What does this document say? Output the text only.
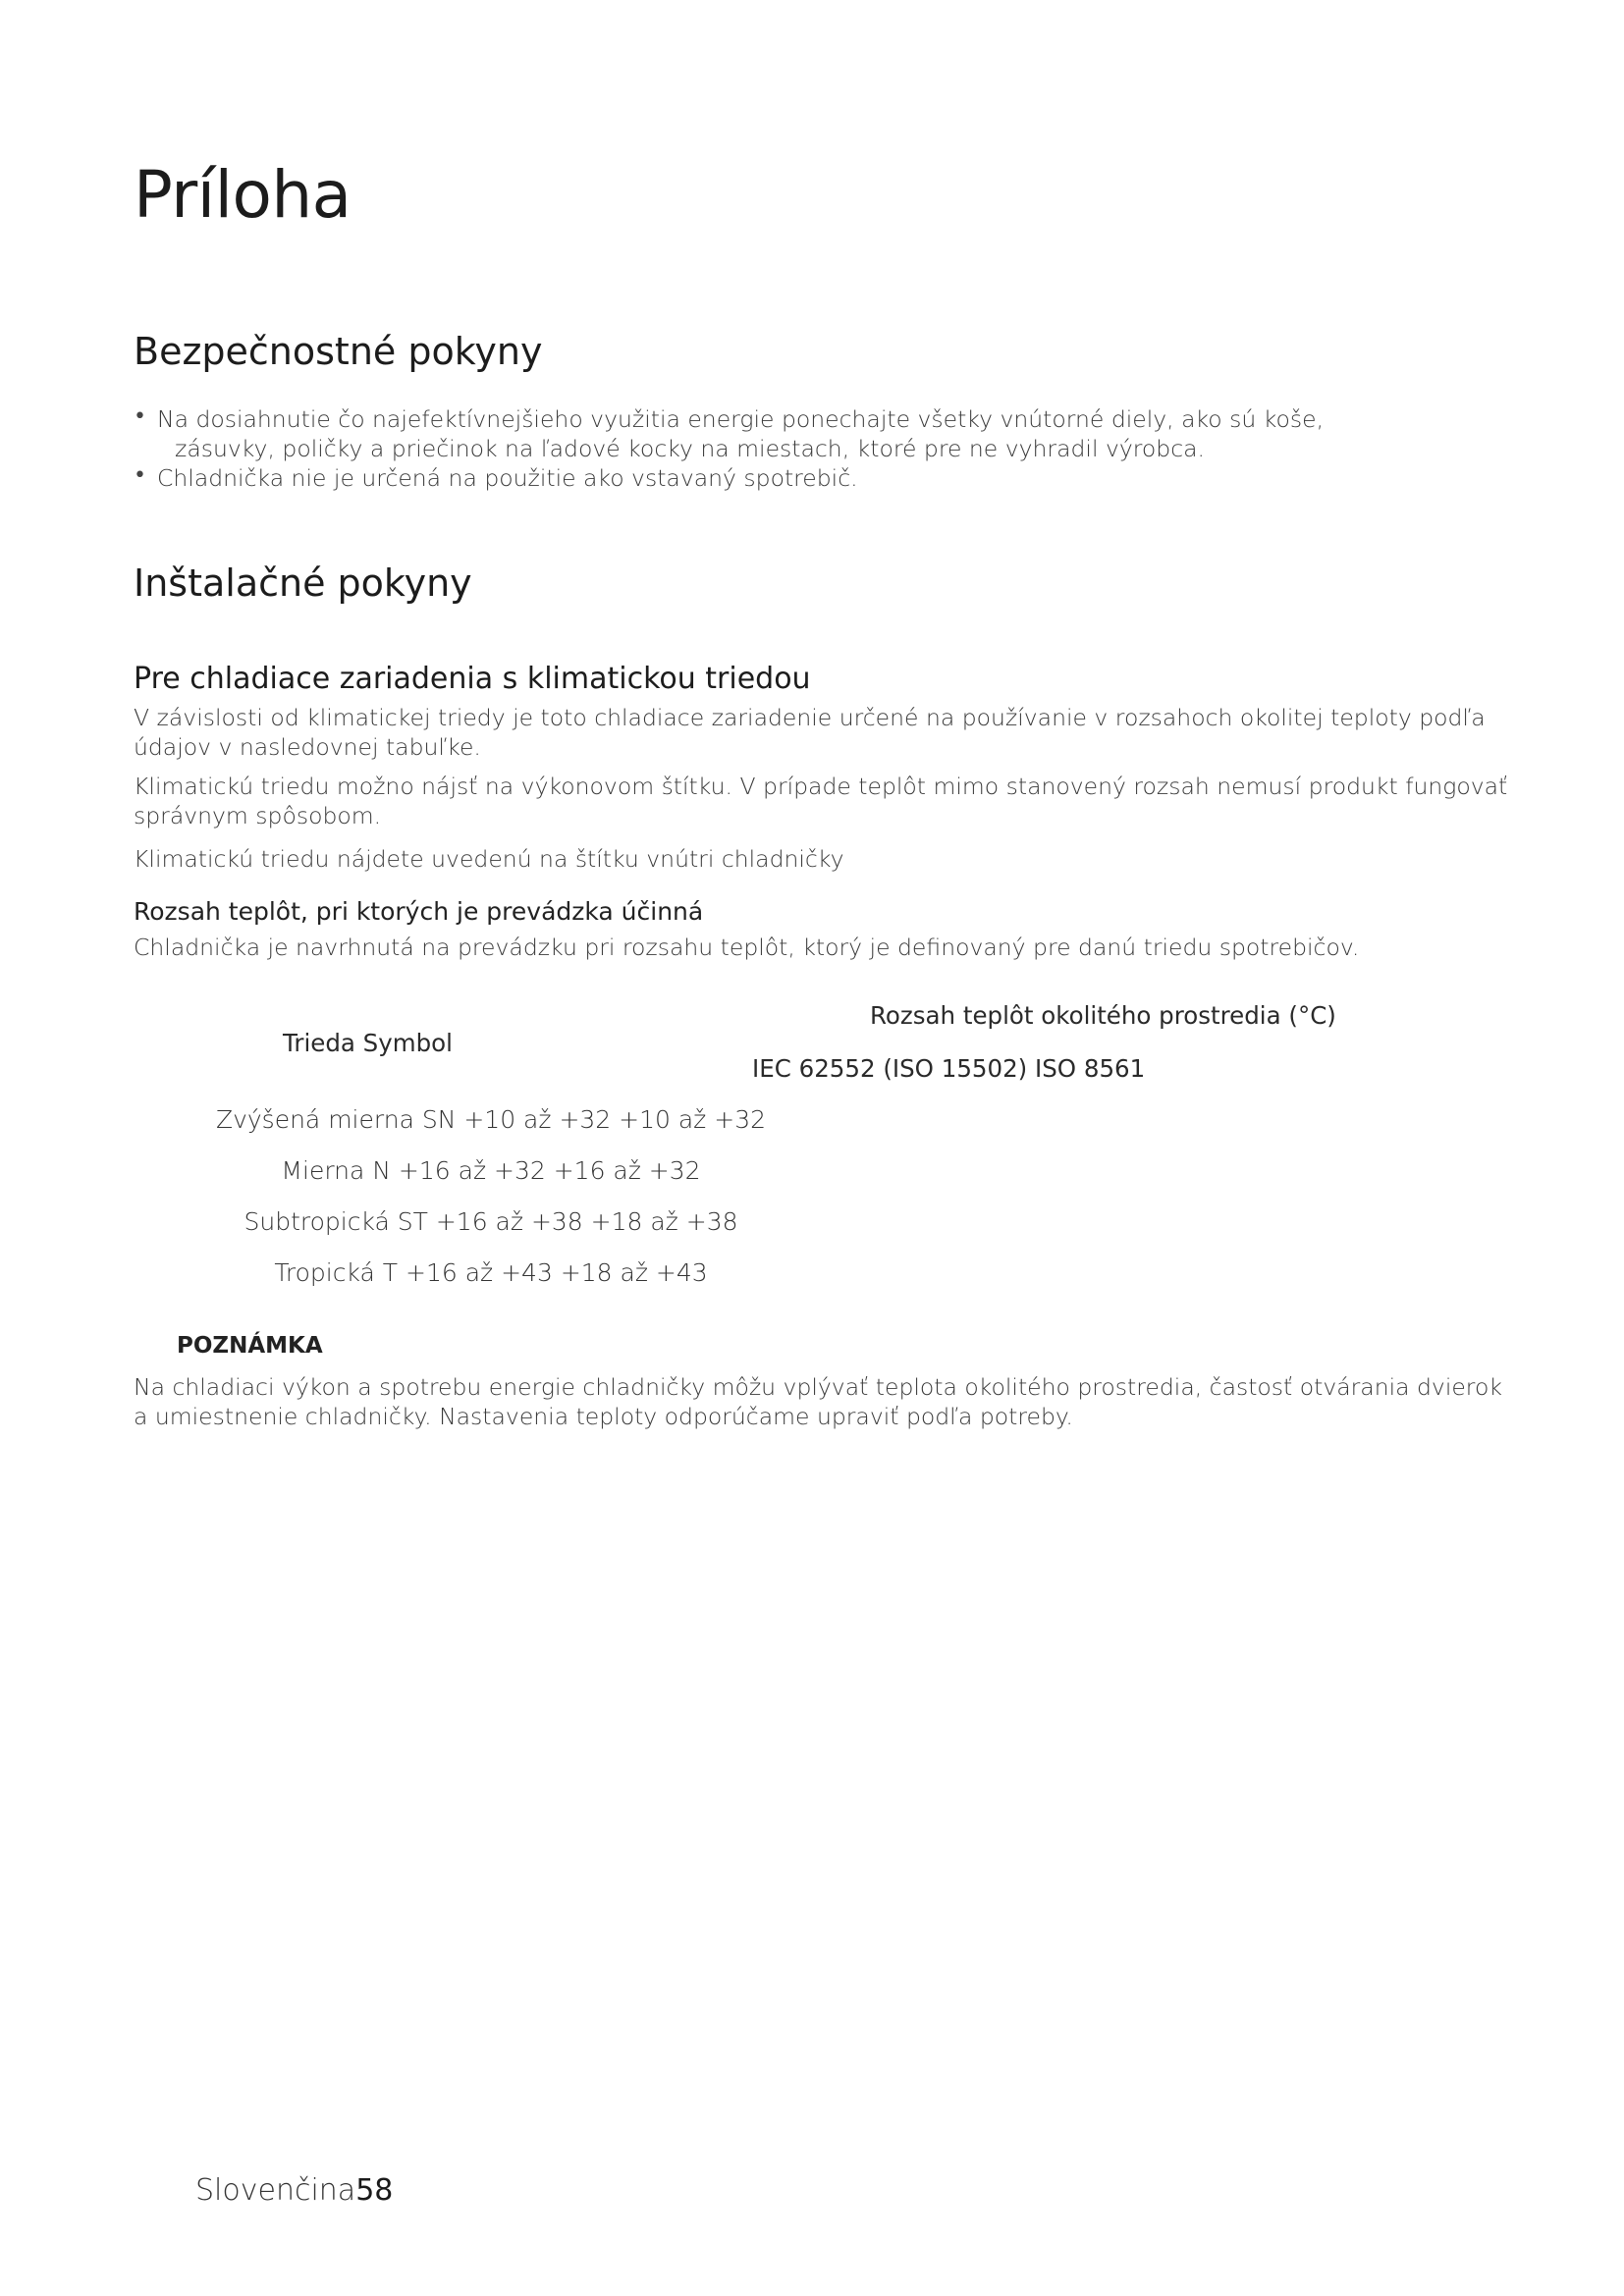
Príloha
Bezpečnostné pokyny
• Na dosiahnutie čo najefektívnejšieho využitia energie ponechajte všetky vnútorné diely, ako sú koše,
zásuvky, poličky a priečinok na ľadové kocky na miestach, ktoré pre ne vyhradil výrobca.
• Chladnička nie je určená na použitie ako vstavaný spotrebič.
Inštalačné pokyny
Pre chladiace zariadenia s klimatickou triedou
V závislosti od klimatickej triedy je toto chladiace zariadenie určené na používanie v rozsahoch okolitej teploty podľa
údajov v nasledovnej tabuľke.
Klimatickú triedu možno nájsť na výkonovom štítku. V prípade teplôt mimo stanovený rozsah nemusí produkt fungovať
správnym spôsobom.
Klimatickú triedu nájdete uvedenú na štítku vnútri chladničky
Rozsah teplôt, pri ktorých je prevádzka účinná
Chladnička je navrhnutá na prevádzku pri rozsahu teplôt, ktorý je definovaný pre danú triedu spotrebičov.
Trieda Symbol
Rozsah teplôt okolitého prostredia (°C)
IEC 62552 (ISO 15502) ISO 8561
Zvýšená mierna SN +10 až +32 +10 až +32
Mierna N +16 až +32 +16 až +32
Subtropická ST +16 až +38 +18 až +38
Tropická T +16 až +43 +18 až +43
POZNÁMKA
Na chladiaci výkon a spotrebu energie chladničky môžu vplývať teplota okolitého prostredia, častosť otvárania dvierok
a umiestnenie chladničky. Nastavenia teploty odporúčame upraviť podľa potreby.
Slovenčina58
